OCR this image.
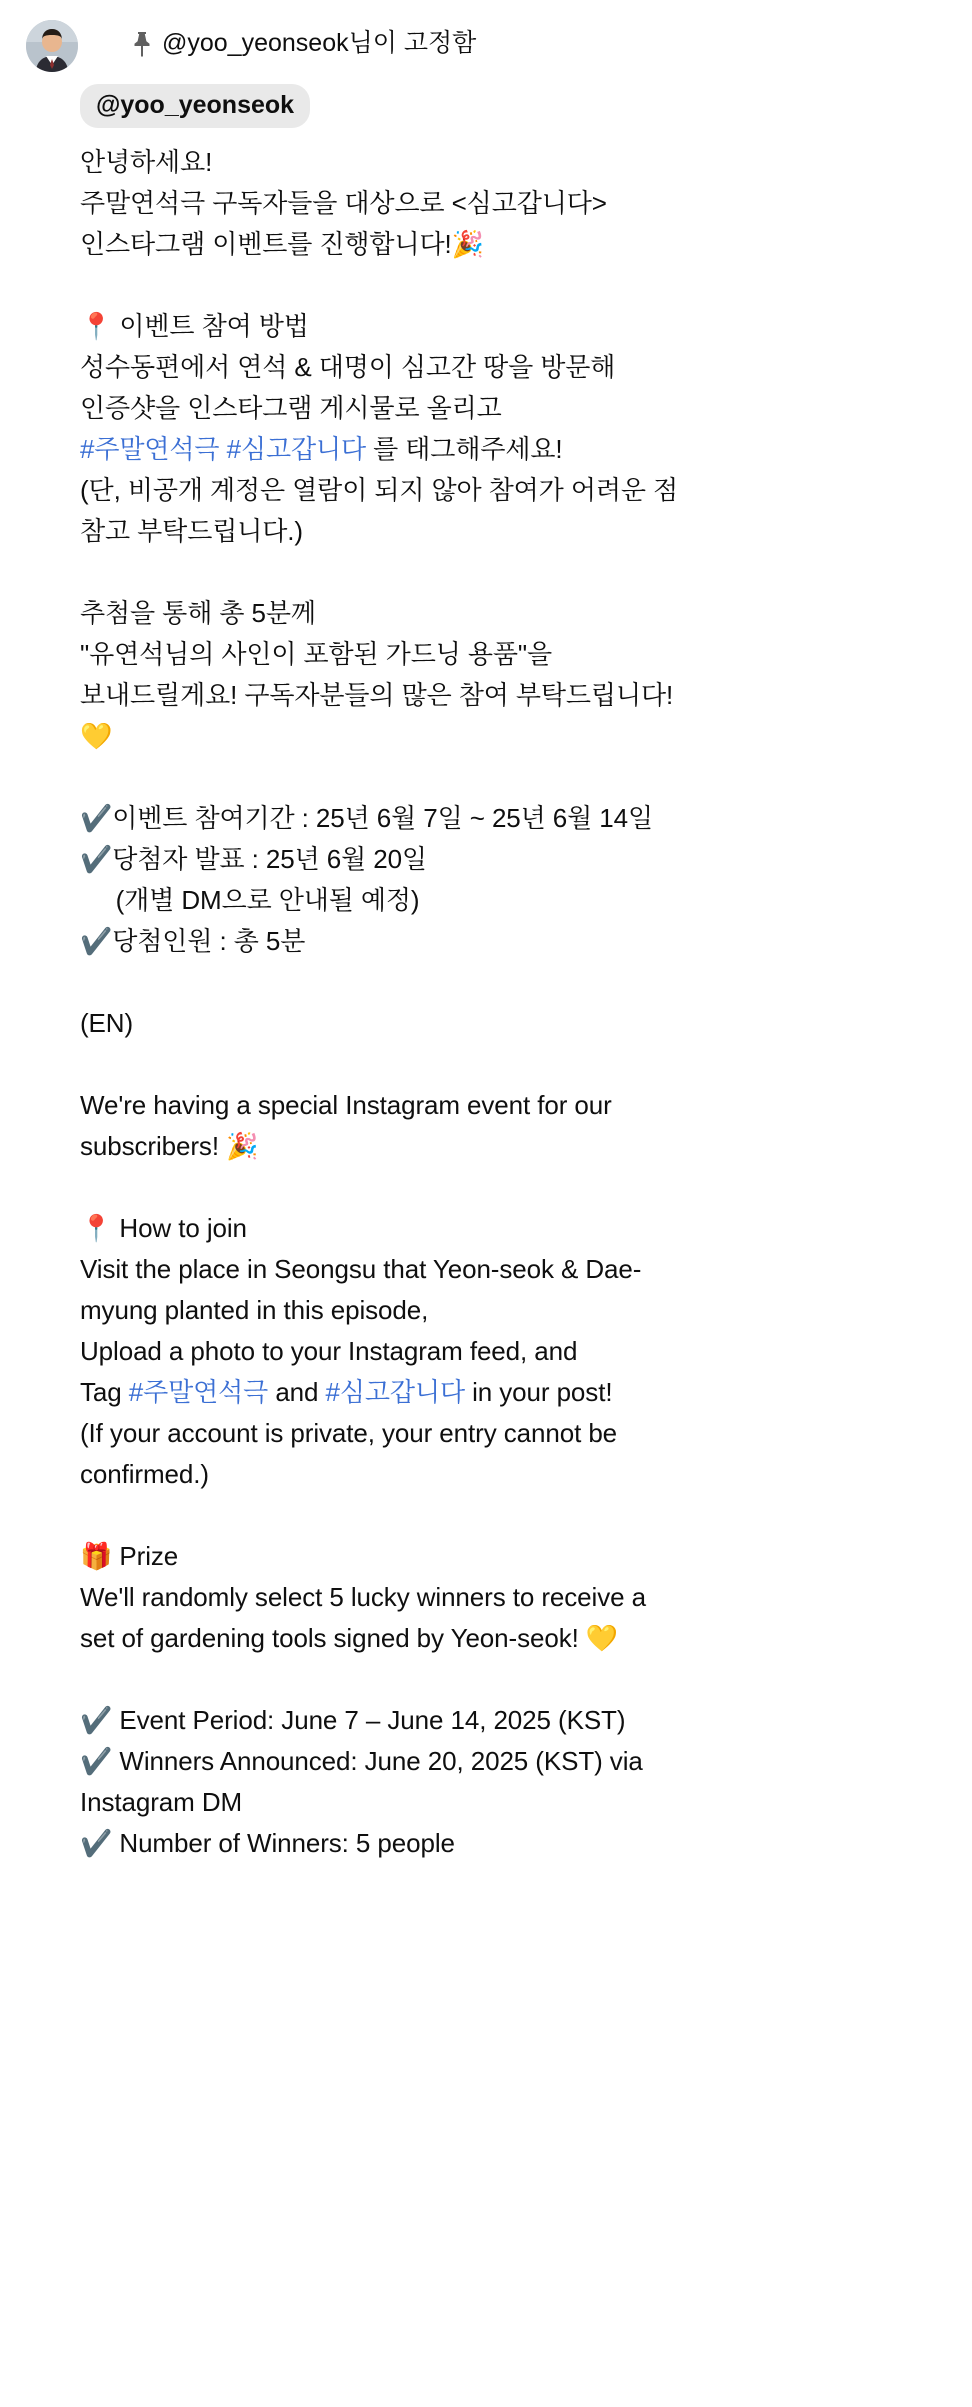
@yoo_yeonseok님이 고정함
@yoo_yeonseok
안녕하세요!
주말연석극 구독자들을 대상으로 <심고갑니다>
인스타그램 이벤트를 진행합니다!🎉
📍 이벤트 참여 방법
성수동편에서 연석 & 대명이 심고간 땅을 방문해
인증샷을 인스타그램 게시물로 올리고
#주말연석극 #심고갑니다 를 태그해주세요!
(단, 비공개 계정은 열람이 되지 않아 참여가 어려운 점
참고 부탁드립니다.)
추첨을 통해 총 5분께
"유연석님의 사인이 포함된 가드닝 용품"을
보내드릴게요! 구독자분들의 많은 참여 부탁드립니다!
💛
✔️이벤트 참여기간 : 25년 6월 7일 ~ 25년 6월 14일
✔️당첨자 발표 : 25년 6월 20일
(개별 DM으로 안내될 예정)
✔️당첨인원 : 총 5분
(EN)
We're having a special Instagram event for our
subscribers! 🎉
📍 How to join
Visit the place in Seongsu that Yeon-seok & Dae-
myung planted in this episode,
Upload a photo to your Instagram feed, and
Tag #주말연석극 and #심고갑니다 in your post!
(If your account is private, your entry cannot be
confirmed.)
🎁 Prize
We'll randomly select 5 lucky winners to receive a
set of gardening tools signed by Yeon-seok! 💛
✔️ Event Period: June 7 – June 14, 2025 (KST)
✔️ Winners Announced: June 20, 2025 (KST) via
Instagram DM
✔️ Number of Winners: 5 people
